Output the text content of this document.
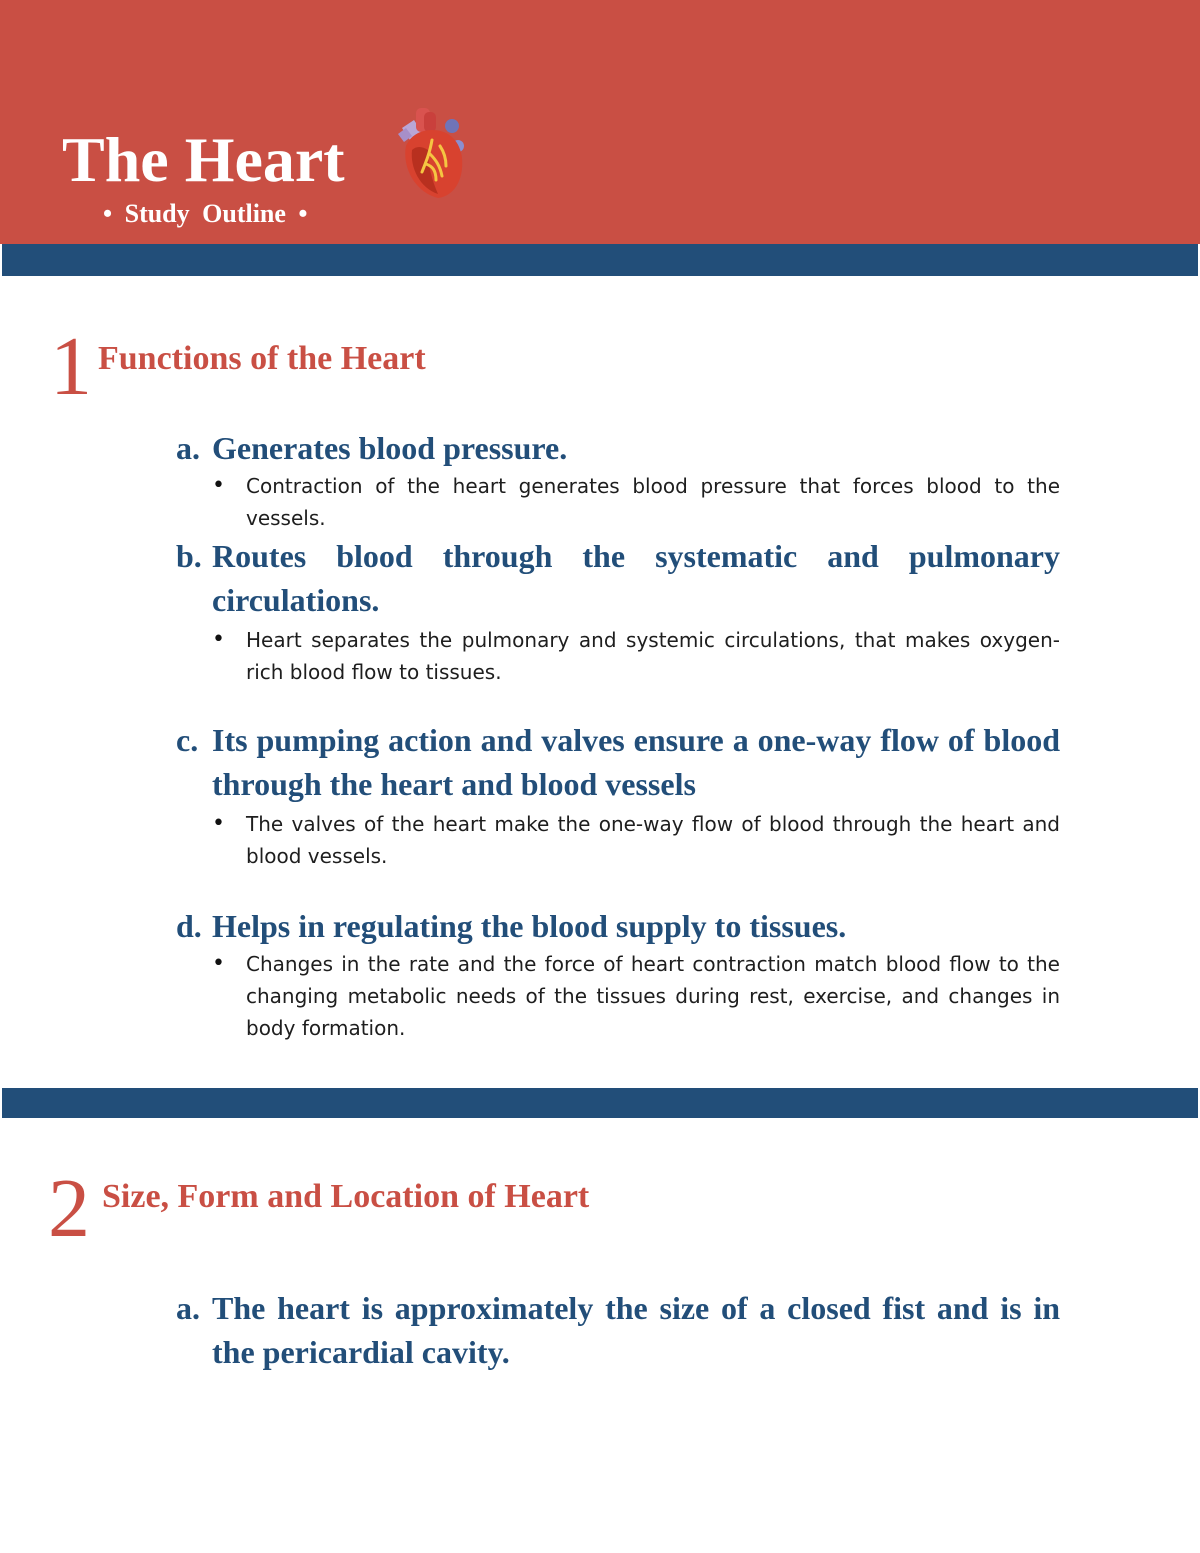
The Heart
• Study Outline •
1 Functions of the Heart
a. Generates blood pressure.
• Contraction of the heart generates blood pressure that forces blood to the vessels.
b. Routes blood through the systematic and pulmonary circulations.
• Heart separates the pulmonary and systemic circulations, that makes oxygen-rich blood flow to tissues.
c. Its pumping action and valves ensure a one-way flow of blood through the heart and blood vessels
• The valves of the heart make the one-way flow of blood through the heart and blood vessels.
d. Helps in regulating the blood supply to tissues.
• Changes in the rate and the force of heart contraction match blood flow to the changing metabolic needs of the tissues during rest, exercise, and changes in body formation.
2 Size, Form and Location of Heart
a. The heart is approximately the size of a closed fist and is in the pericardial cavity.
